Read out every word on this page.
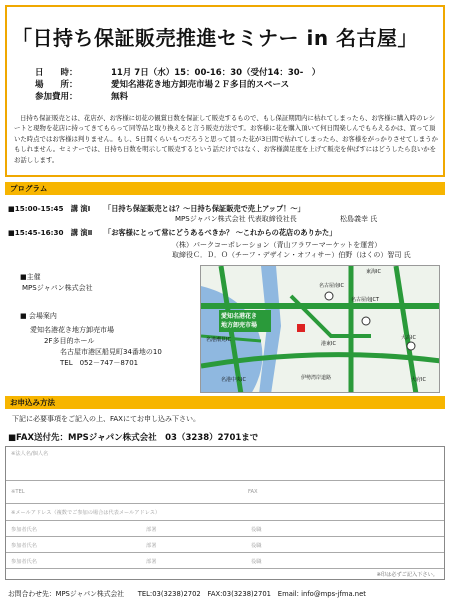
「日持ち保証販売推進セミナー in 名古屋」
日　　時：	11月 7日（水）15：00-16：30（受付14：30-　）
場　　所：	愛知名港花き地方卸売市場２Ｆ多目的スペース
参加費用：	無料
日持ち保証販売とは、花店が、お客様に切花の観賞日数を保証して販売するもので、もし保証期間内に枯れてしまったら、お客様に購入時のレシートと現物を花店に持ってきてもらって同等品と取り換えると言う販売方法です。お客様に花を購入頂いて何日間楽しんでもらえるかは、買って頂いた時点ではお客様は判りません。もし、5日間くらいもつだろうと思って買った花が3日間で枯れてしまったら、お客様をがっかりさせてしまうかもしれません。セミナーでは、日持ち日数を明示して販売するという話だけではなく、お客様満足度を上げて販売を伸ばすにはどうしたら良いかをお話しします。
プログラム
■15:00-15:45　講 演Ⅰ 「日持ち保証販売とは？〜日持ち保証販売で売上アップ！〜」
MPSジャパン株式会社 代表取締役社長	松島義幸 氏
■15:45-16:30　講 演Ⅱ 「お客様にとって常にどうあるべきか？ 〜これからの花店のありかた」
（株）パークコーポレーション（青山フラワーマーケットを運営）
取締役Ｃ．Ｄ．Ｏ（チーフ・デザイン・オフィサー）伯野（はくの）智司 氏
■主催
MPSジャパン株式会社
■ 会場案内
愛知名港花き地方卸売市場
2F多目的ホール
名古屋市港区船見町34番地の10
TEL　052－747－8701
愛知名港花き
地方卸売市場
名港潮見IC
名古屋南IC
港東IC
大高IC
大府IC
伊勢湾岸道路
名港中央IC
名古屋南JCT
東海IC
お申込み方法
下記に必要事項をご記入の上、FAXにてお申し込み下さい。
■FAX送付先：MPSジャパン株式会社　03（3238）2701まで
※法人名/個人名
※TEL	FAX
※メールアドレス（複数でご参加の場合は代表メールアドレス）
参加者氏名	部署	役職
参加者氏名	部署	役職
参加者氏名	部署	役職
※印は必ずご記入下さい。
お問合わせ先：MPSジャパン株式会社　　TEL:03(3238)2702　FAX:03(3238)2701　Email: info@mps-jfma.net
